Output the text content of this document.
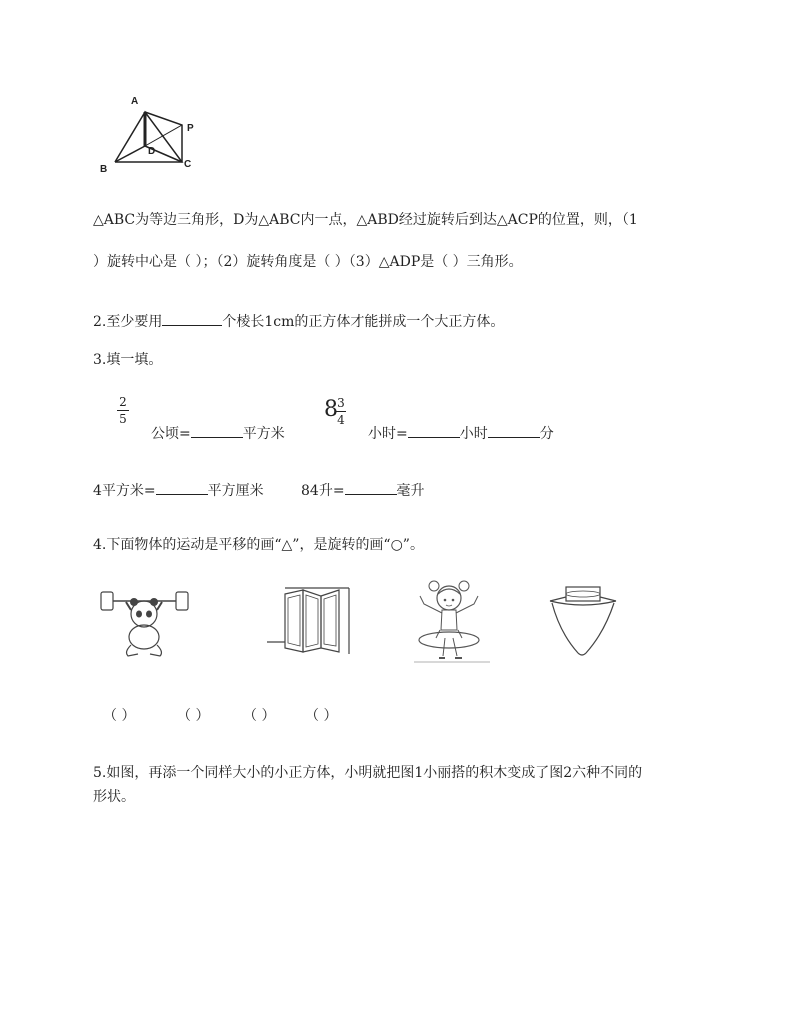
A
P
D
B	C
△ABC为等边三角形，D为△ABC内一点，△ABD经过旋转后到达△ACP的位置，则，（1
）旋转中心是（ ）；（2）旋转角度是（ ）（3）△ADP是（ ）三角形。
2.至少要用	个棱长1cm的正方体才能拼成一个大正方体。
3.填一填。
2
5
公顷=	平方米
8 3
4
小时=	小时	分
4平方米=	平方厘米	84升=	毫升
4.下面物体的运动是平移的画“△”，是旋转的画“○”。
（ ）	（ ） （ ） （ ）
5.如图，再添一个同样大小的小正方体，小明就把图1小丽搭的积木变成了图2六种不同的
形状。
